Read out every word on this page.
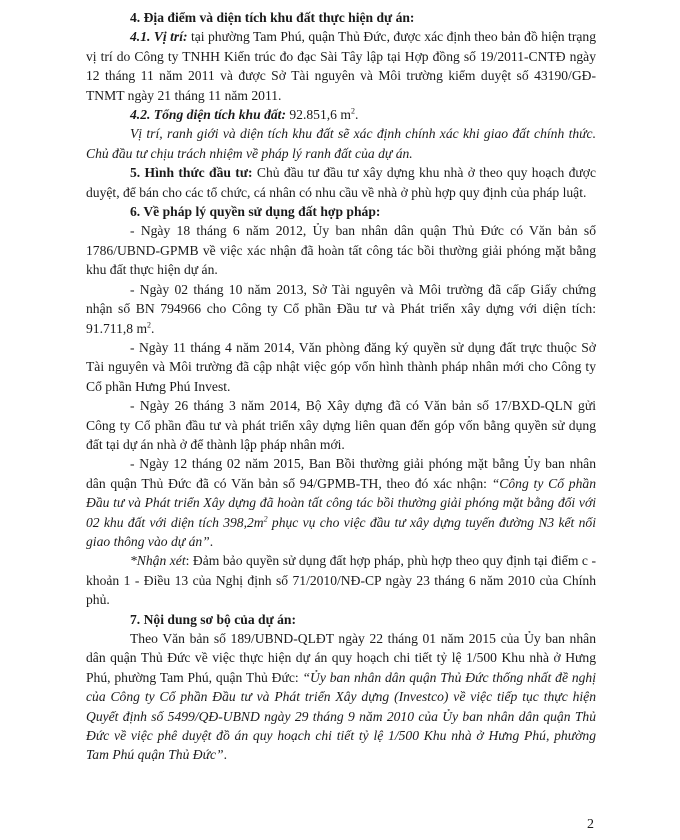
4. Địa điểm và diện tích khu đất thực hiện dự án:

4.1. Vị trí: tại phường Tam Phú, quận Thủ Đức, được xác định theo bản đồ hiện trạng vị trí do Công ty TNHH Kiến trúc đo đạc Sài Tây lập tại Hợp đồng số 19/2011-CNTĐ ngày 12 tháng 11 năm 2011 và được Sở Tài nguyên và Môi trường kiểm duyệt số 43190/GĐ-TNMT ngày 21 tháng 11 năm 2011.

4.2. Tổng diện tích khu đất: 92.851,6 $m^2$.

Vị trí, ranh giới và diện tích khu đất sẽ xác định chính xác khi giao đất chính thức. Chủ đầu tư chịu trách nhiệm về pháp lý ranh đất của dự án.

5. Hình thức đầu tư: Chủ đầu tư đầu tư xây dựng khu nhà ở theo quy hoạch được duyệt, để bán cho các tổ chức, cá nhân có nhu cầu về nhà ở phù hợp quy định của pháp luật.

6. Về pháp lý quyền sử dụng đất hợp pháp:

- Ngày 18 tháng 6 năm 2012, Ủy ban nhân dân quận Thủ Đức có Văn bản số 1786/UBND-GPMB về việc xác nhận đã hoàn tất công tác bồi thường giải phóng mặt bằng khu đất thực hiện dự án.

- Ngày 02 tháng 10 năm 2013, Sở Tài nguyên và Môi trường đã cấp Giấy chứng nhận số BN 794966 cho Công ty Cổ phần Đầu tư và Phát triển xây dựng với diện tích: 91.711,8 $m^2$.

- Ngày 11 tháng 4 năm 2014, Văn phòng đăng ký quyền sử dụng đất trực thuộc Sở Tài nguyên và Môi trường đã cập nhật việc góp vốn hình thành pháp nhân mới cho Công ty Cổ phần Hưng Phú Invest.

- Ngày 26 tháng 3 năm 2014, Bộ Xây dựng đã có Văn bản số 17/BXD-QLN gửi Công ty Cổ phần đầu tư và phát triển xây dựng liên quan đến góp vốn bằng quyền sử dụng đất tại dự án nhà ở để thành lập pháp nhân mới.

- Ngày 12 tháng 02 năm 2015, Ban Bồi thường giải phóng mặt bằng Ủy ban nhân dân quận Thủ Đức đã có Văn bản số 94/GPMB-TH, theo đó xác nhận: “Công ty Cổ phần Đầu tư và Phát triển Xây dựng đã hoàn tất công tác bồi thường giải phóng mặt bằng đối với 02 khu đất với diện tích $398,2m^2$ phục vụ cho việc đầu tư xây dựng tuyến đường N3 kết nối giao thông vào dự án”.

*Nhận xét: Đảm bảo quyền sử dụng đất hợp pháp, phù hợp theo quy định tại điểm c - khoản 1 - Điều 13 của Nghị định số 71/2010/NĐ-CP ngày 23 tháng 6 năm 2010 của Chính phủ.

7. Nội dung sơ bộ của dự án:

Theo Văn bản số 189/UBND-QLĐT ngày 22 tháng 01 năm 2015 của Ủy ban nhân dân quận Thủ Đức về việc thực hiện dự án quy hoạch chi tiết tỷ lệ 1/500 Khu nhà ở Hưng Phú, phường Tam Phú, quận Thủ Đức: “Ủy ban nhân dân quận Thủ Đức thống nhất đề nghị của Công ty Cổ phần Đầu tư và Phát triển Xây dựng (Investco) về việc tiếp tục thực hiện Quyết định số 5499/QĐ-UBND ngày 29 tháng 9 năm 2010 của Ủy ban nhân dân quận Thủ Đức về việc phê duyệt đồ án quy hoạch chi tiết tỷ lệ 1/500 Khu nhà ở Hưng Phú, phường Tam Phú quận Thủ Đức”.

2
